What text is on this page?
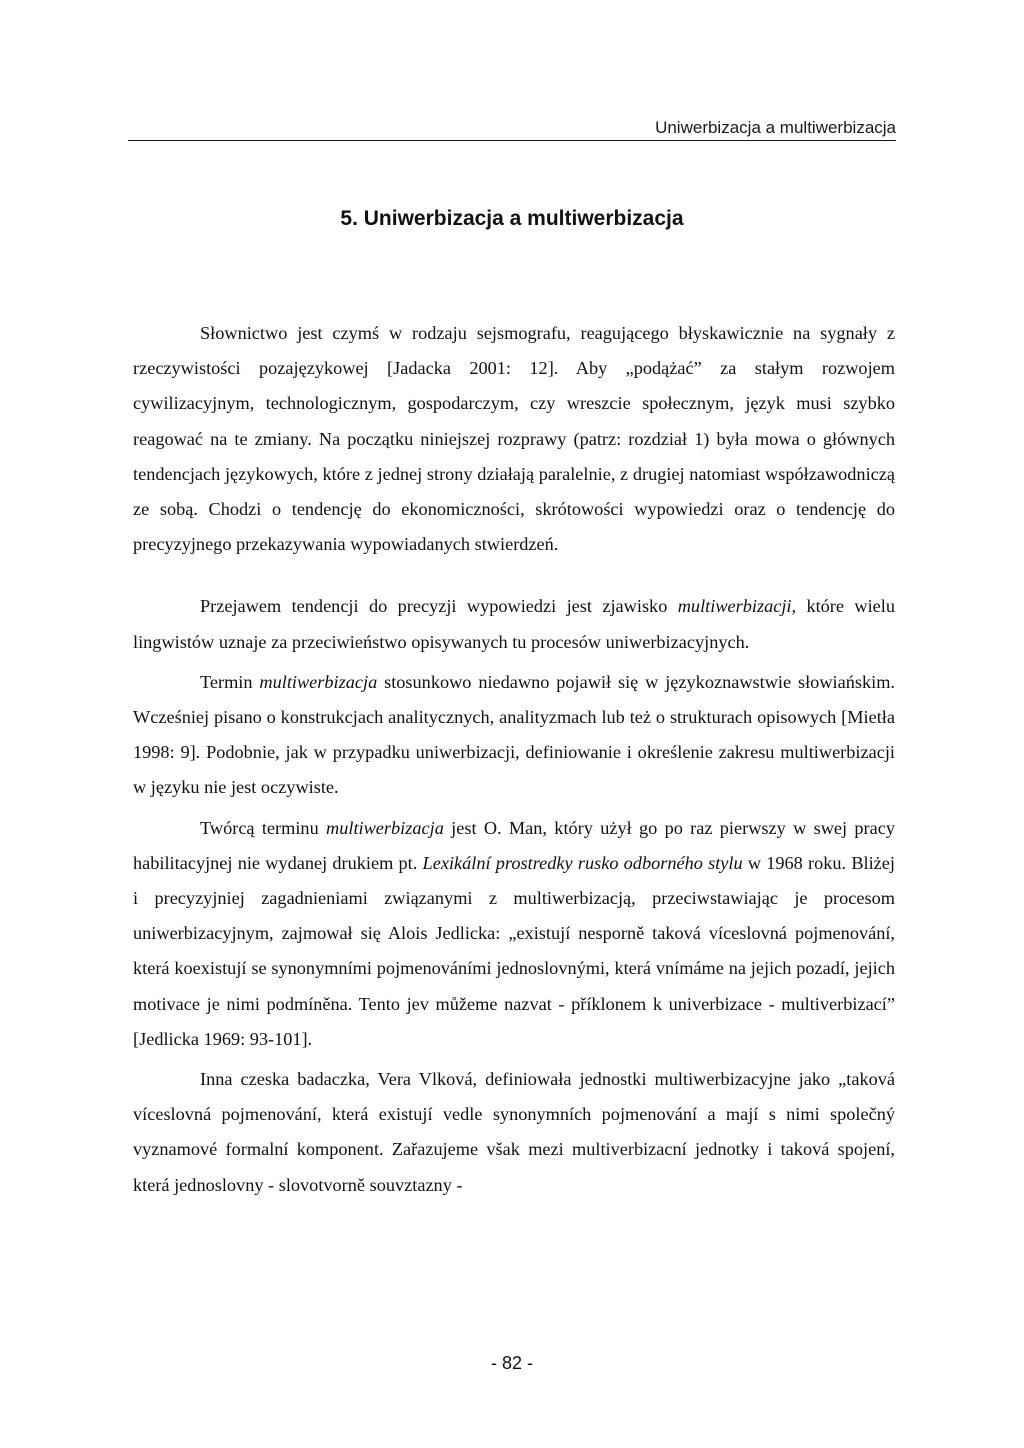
Uniwerbizacja a multiwerbizacja
5. Uniwerbizacja a multiwerbizacja

Słownictwo jest czymś w rodzaju sejsmografu, reagującego błyskawicznie na sygnały z rzeczywistości pozajęzykowej [Jadacka 2001: 12]. Aby „podążać” za stałym rozwojem cywilizacyjnym, technologicznym, gospodarczym, czy wreszcie społecznym, język musi szybko reagować na te zmiany. Na początku niniejszej rozprawy (patrz: rozdział 1) była mowa o głównych tendencjach językowych, które z jednej strony działają paralelnie, z drugiej natomiast współzawodniczą ze sobą. Chodzi o tendencję do ekonomiczności, skrótowości wypowiedzi oraz o tendencję do precyzyjnego przekazywania wypowiadanych stwierdzeń.

Przejawem tendencji do precyzji wypowiedzi jest zjawisko multiwerbizacji, które wielu lingwistów uznaje za przeciwieństwo opisywanych tu procesów uniwerbizacyjnych.

Termin multiwerbizacja stosunkowo niedawno pojawił się w językoznawstwie słowiańskim. Wcześniej pisano o konstrukcjach analitycznych, analityzmach lub też o strukturach opisowych [Mietła 1998: 9]. Podobnie, jak w przypadku uniwerbizacji, definiowanie i określenie zakresu multiwerbizacji w języku nie jest oczywiste.

Twórcą terminu multiwerbizacja jest O. Man, który użył go po raz pierwszy w swej pracy habilitacyjnej nie wydanej drukiem pt. Lexikální prostredky rusko odborného stylu w 1968 roku. Bliżej i precyzyjniej zagadnieniami związanymi z multiwerbizacją, przeciwstawiając je procesom uniwerbizacyjnym, zajmował się Alois Jedlicka: „existují nesporně taková víceslovná pojmenování, která koexistují se synonymními pojmenováními jednoslovnými, která vnímáme na jejich pozadí, jejich motivace je nimi podmíněna. Tento jev můžeme nazvat - příklonem k univerbizace - multiverbizací” [Jedlicka 1969: 93-101].

Inna czeska badaczka, Vera Vlková, definiowała jednostki multiwerbizacyjne jako „taková víceslovná pojmenování, která existují vedle synonymních pojmenování a mají s nimi společný vyznamové formalní komponent. Zařazujeme však mezi multiverbizacní jednotky i taková spojení, která jednoslovny - slovotvorně souvztazny -

- 82 -
